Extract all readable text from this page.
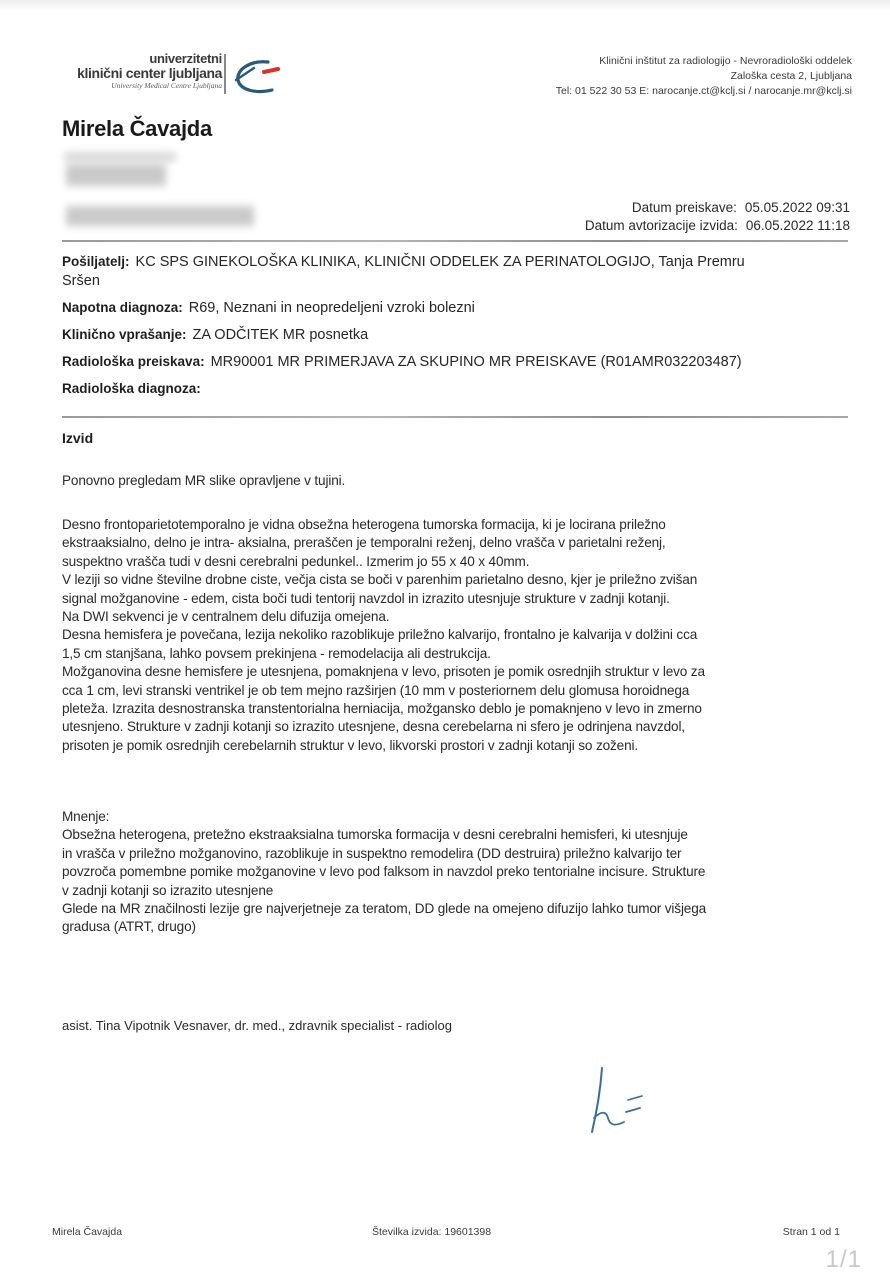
univerzitetni
klinični center ljubljana
University Medical Centre Ljubljana
Klinični inštitut za radiologijo - Nevroradiološki oddelek
Zaloška cesta 2, Ljubljana
Tel: 01 522 30 53 E: narocanje.ct@kclj.si / narocanje.mr@kclj.si
Mirela Čavajda
Datum preiskave: 05.05.2022 09:31
Datum avtorizacije izvida: 06.05.2022 11:18
Pošiljatelj: KC SPS GINEKOLOŠKA KLINIKA, KLINIČNI ODDELEK ZA PERINATOLOGIJO, Tanja Premru
Sršen
Napotna diagnoza: R69, Neznani in neopredeljeni vzroki bolezni
Klinično vprašanje: ZA ODČITEK MR posnetka
Radiološka preiskava: MR90001 MR PRIMERJAVA ZA SKUPINO MR PREISKAVE (R01AMR032203487)
Radiološka diagnoza:
Izvid
Ponovno pregledam MR slike opravljene v tujini.
Desno frontoparietotemporalno je vidna obsežna heterogena tumorska formacija, ki je locirana priležno
ekstraaksialno, delno je intra- aksialna, preraščen je temporalni reženj, delno vrašča v parietalni reženj,
suspektno vrašča tudi v desni cerebralni pedunkel.. Izmerim jo 55 x 40 x 40mm.
V leziji so vidne številne drobne ciste, večja cista se boči v parenhim parietalno desno, kjer je priležno zvišan
signal možganovine - edem, cista boči tudi tentorij navzdol in izrazito utesnjuje strukture v zadnji kotanji.
Na DWI sekvenci je v centralnem delu difuzija omejena.
Desna hemisfera je povečana, lezija nekoliko razoblikuje priležno kalvarijo, frontalno je kalvarija v dolžini cca
1,5 cm stanjšana, lahko povsem prekinjena - remodelacija ali destrukcija.
Možganovina desne hemisfere je utesnjena, pomaknjena v levo, prisoten je pomik osrednjih struktur v levo za
cca 1 cm, levi stranski ventrikel je ob tem mejno razširjen (10 mm v posteriornem delu glomusa horoidnega
pleteža. Izrazita desnostranska transtentorialna herniacija, možgansko deblo je pomaknjeno v levo in zmerno
utesnjeno. Strukture v zadnji kotanji so izrazito utesnjene, desna cerebelarna ni sfero je odrinjena navzdol,
prisoten je pomik osrednjih cerebelarnih struktur v levo, likvorski prostori v zadnji kotanji so zoženi.
Mnenje:
Obsežna heterogena, pretežno ekstraaksialna tumorska formacija v desni cerebralni hemisferi, ki utesnjuje
in vrašča v priležno možganovino, razoblikuje in suspektno remodelira (DD destruira) priležno kalvarijo ter
povzroča pomembne pomike možganovine v levo pod falksom in navzdol preko tentorialne incisure. Strukture
v zadnji kotanji so izrazito utesnjene
Glede na MR značilnosti lezije gre najverjetneje za teratom, DD glede na omejeno difuzijo lahko tumor višjega
gradusa (ATRT, drugo)
asist. Tina Vipotnik Vesnaver, dr. med., zdravnik specialist - radiolog
Mirela Čavajda	Številka izvida: 19601398	Stran 1 od 1
1/1
